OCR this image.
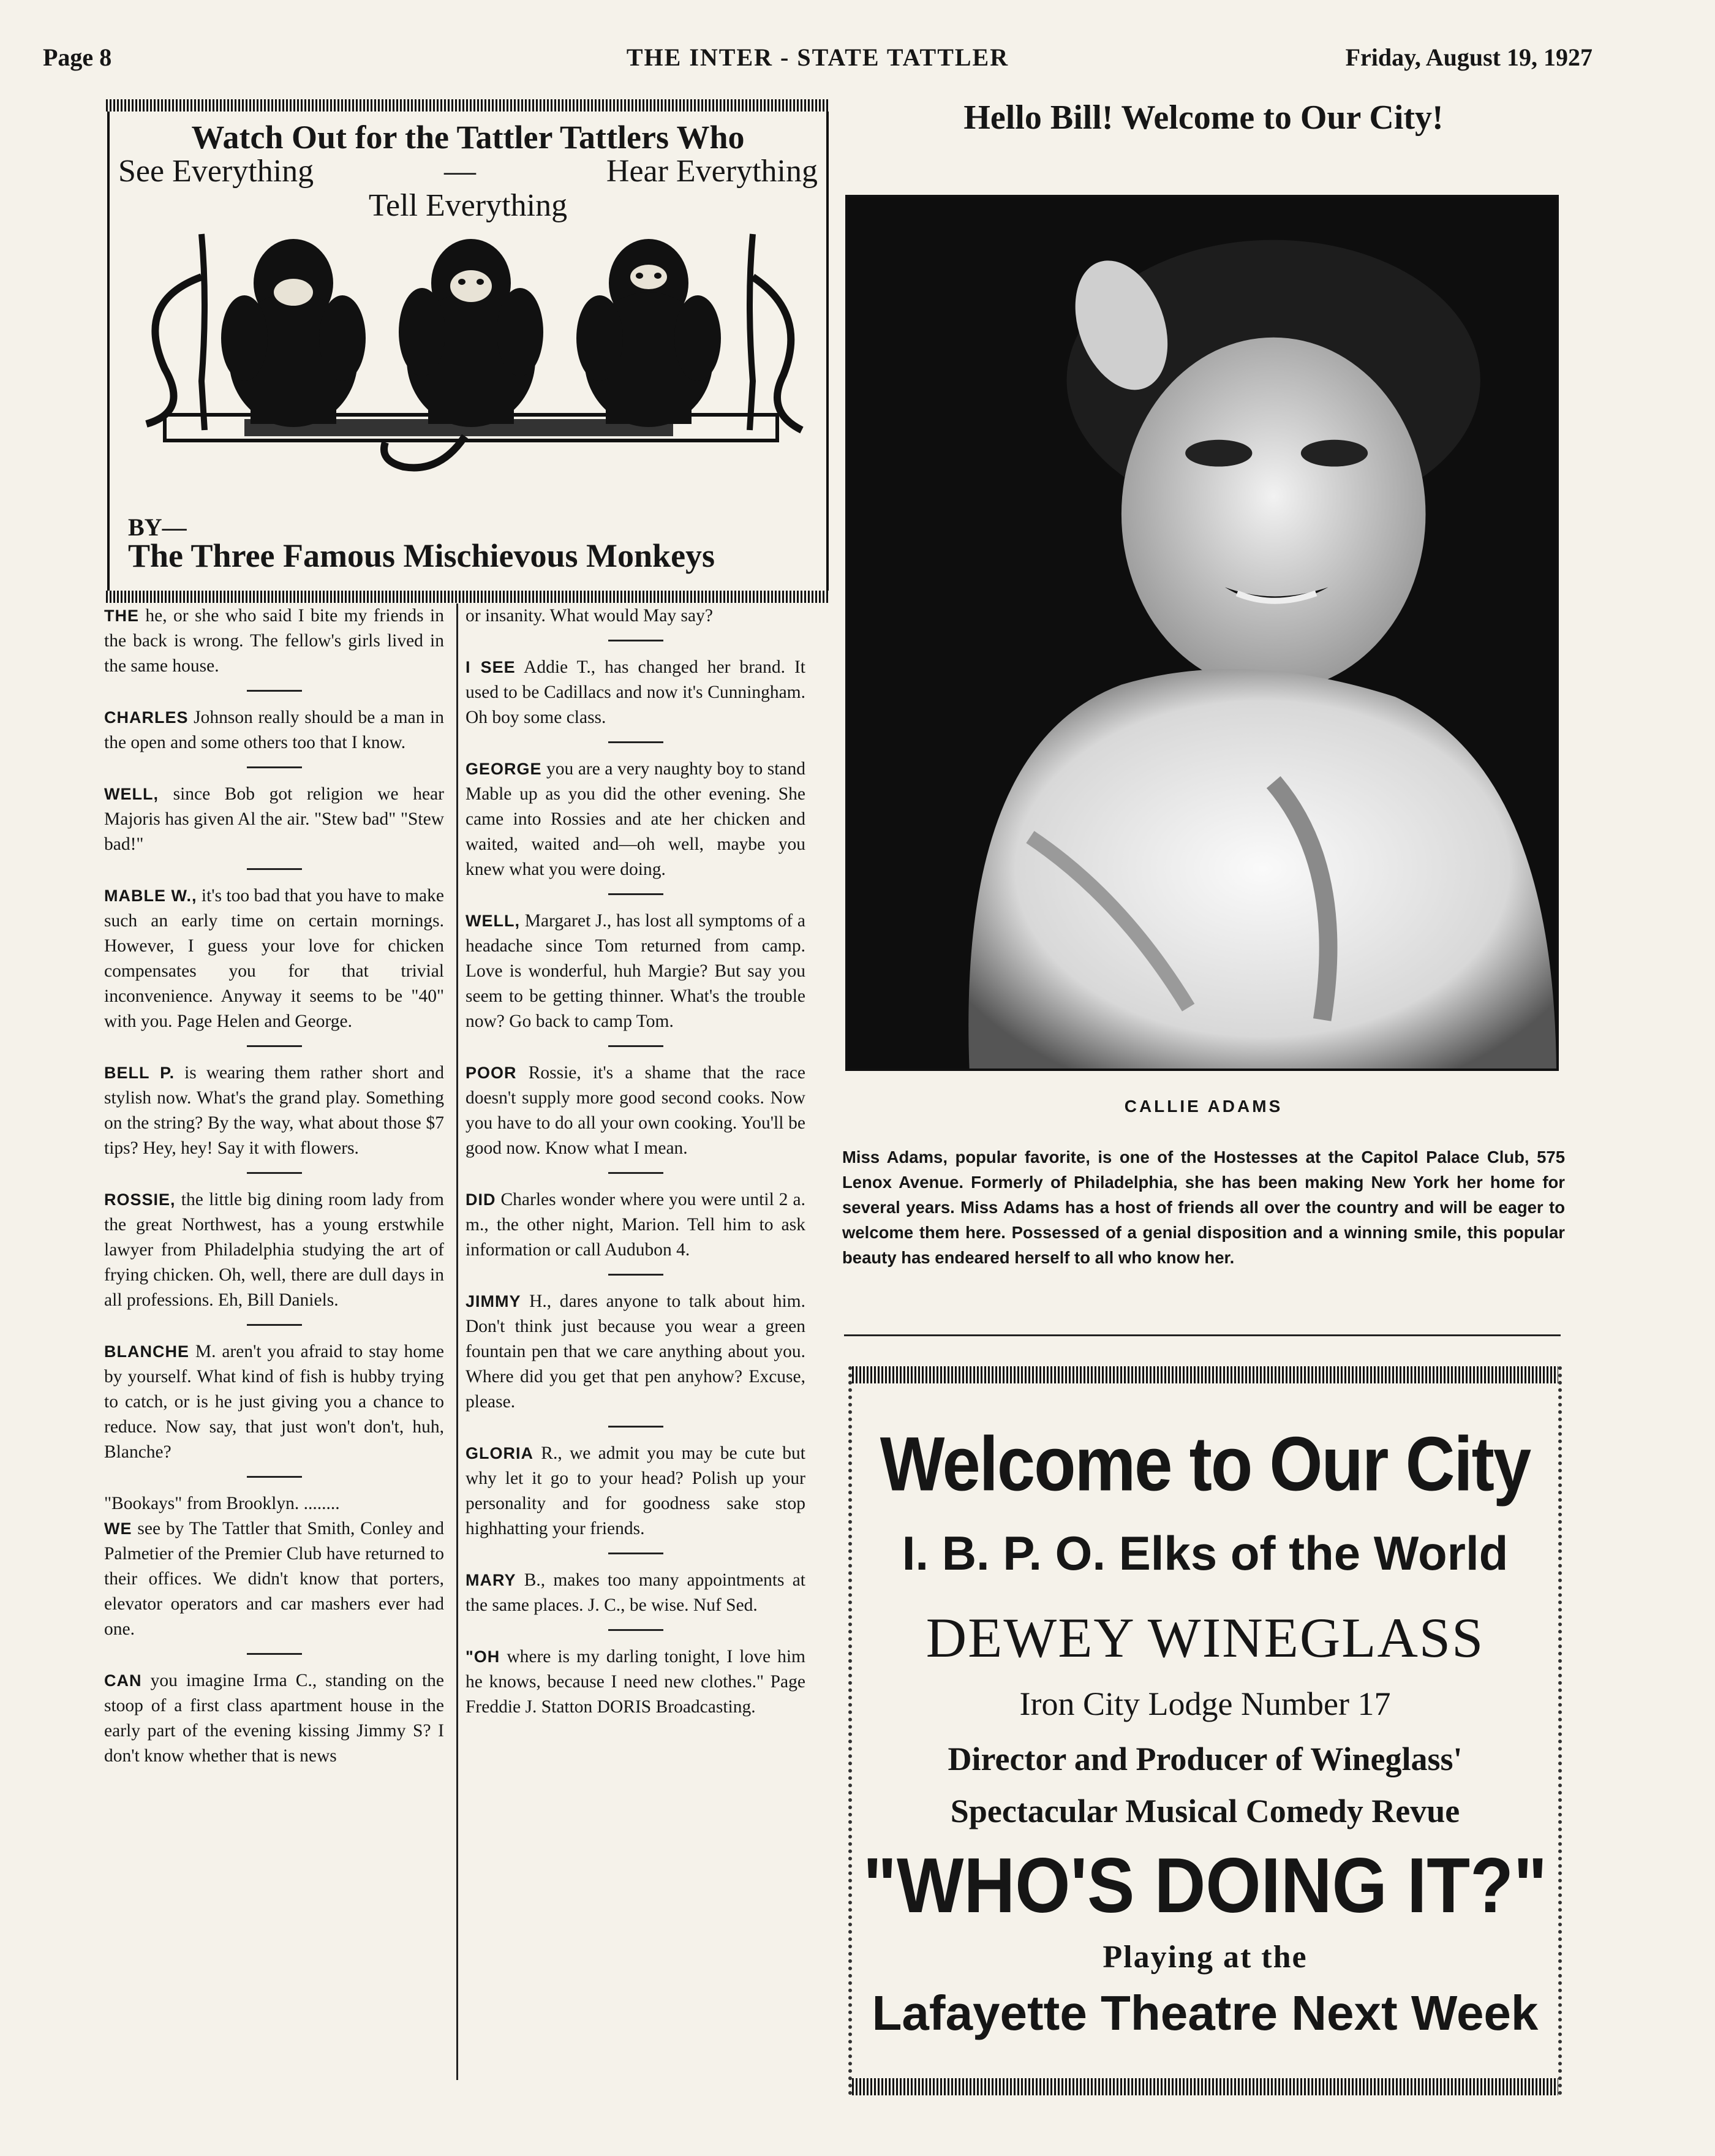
Page 8	THE INTER - STATE TATTLER	Friday, August 19, 1927
Watch Out for the Tattler Tattlers Who
See Everything	—	Hear Everything
Tell Everything
BY—
The Three Famous Mischievous Monkeys

THE he, or she who said I bite my friends in the back is wrong. The fellow's girls lived in the same house.

CHARLES Johnson really should be a man in the open and some others too that I know.

WELL, since Bob got religion we hear Majoris has given Al the air. "Stew bad" "Stew bad!"

MABLE W., it's too bad that you have to make such an early time on certain mornings. However, I guess your love for chicken compensates you for that trivial inconvenience. Anyway it seems to be "40" with you. Page Helen and George.

BELL P. is wearing them rather short and stylish now. What's the grand play. Something on the string? By the way, what about those $7 tips? Hey, hey! Say it with flowers.

ROSSIE, the little big dining room lady from the great Northwest, has a young erstwhile lawyer from Philadelphia studying the art of frying chicken. Oh, well, there are dull days in all professions. Eh, Bill Daniels.

BLANCHE M. aren't you afraid to stay home by yourself. What kind of fish is hubby trying to catch, or is he just giving you a chance to reduce. Now say, that just won't don't, huh, Blanche?

"Bookays" from Brooklyn. ........

WE see by The Tattler that Smith, Conley and Palmetier of the Premier Club have returned to their offices. We didn't know that porters, elevator operators and car mashers ever had one.

CAN you imagine Irma C., standing on the stoop of a first class apartment house in the early part of the evening kissing Jimmy S? I don't know whether that is news

or insanity. What would May say?

I SEE Addie T., has changed her brand. It used to be Cadillacs and now it's Cunningham. Oh boy some class.

GEORGE you are a very naughty boy to stand Mable up as you did the other evening. She came into Rossies and ate her chicken and waited, waited and—oh well, maybe you knew what you were doing.

WELL, Margaret J., has lost all symptoms of a headache since Tom returned from camp. Love is wonderful, huh Margie? But say you seem to be getting thinner. What's the trouble now? Go back to camp Tom.

POOR Rossie, it's a shame that the race doesn't supply more good second cooks. Now you have to do all your own cooking. You'll be good now. Know what I mean.

DID Charles wonder where you were until 2 a. m., the other night, Marion. Tell him to ask information or call Audubon 4.

JIMMY H., dares anyone to talk about him. Don't think just because you wear a green fountain pen that we care anything about you. Where did you get that pen anyhow? Excuse, please.

GLORIA R., we admit you may be cute but why let it go to your head? Polish up your personality and for goodness sake stop highhatting your friends.

MARY B., makes too many appointments at the same places. J. C., be wise. Nuf Sed.

"OH where is my darling tonight, I love him he knows, because I need new clothes." Page Freddie J. Statton DORIS Broadcasting.

Hello Bill! Welcome to Our City!
CALLIE ADAMS
Miss Adams, popular favorite, is one of the Hostesses at the Capitol Palace Club, 575 Lenox Avenue. Formerly of Philadelphia, she has been making New York her home for several years. Miss Adams has a host of friends all over the country and will be eager to welcome them here. Possessed of a genial disposition and a winning smile, this popular beauty has endeared herself to all who know her.
Welcome to Our City
I. B. P. O. Elks of the World
DEWEY WINEGLASS
Iron City Lodge Number 17
Director and Producer of Wineglass'
Spectacular Musical Comedy Revue
"WHO'S DOING IT?"
Playing at the
Lafayette Theatre Next Week
